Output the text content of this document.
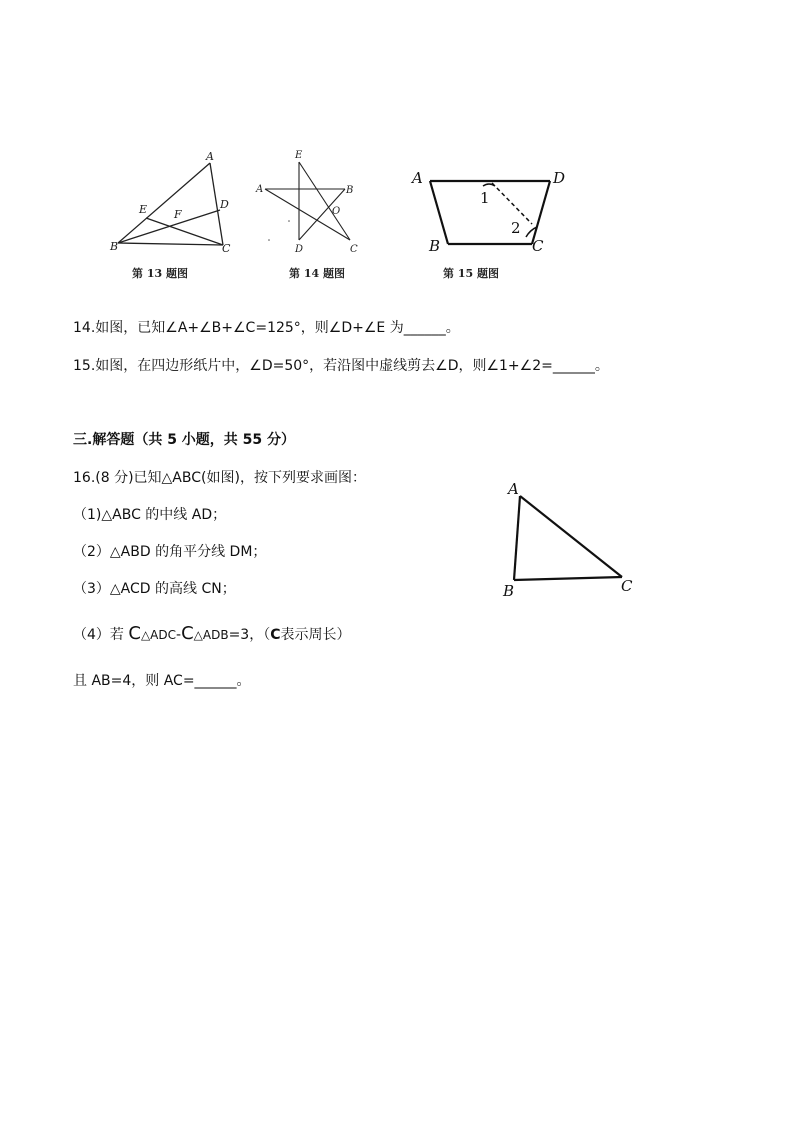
A
B	C
D
E F
第 13 题图
E
A	B
O
D	C
第 14 题图
A	D
B	C
1
2
第 15 题图
14.如图，已知∠A+∠B+∠C=125°，则∠D+∠E 为______。
15.如图，在四边形纸片中，∠D=50°，若沿图中虚线剪去∠D，则∠1+∠2=______。
三.解答题（共 5 小题，共 55 分）
16.(8 分)已知△ABC(如图)，按下列要求画图：
（1)△ABC 的中线 AD；
（2）△ABD 的角平分线 DM；
（3）△ACD 的高线 CN；
（4）若 C△ADC-C△ADB=3，（C表示周长）
且 AB=4，则 AC=______。
A
B	C
